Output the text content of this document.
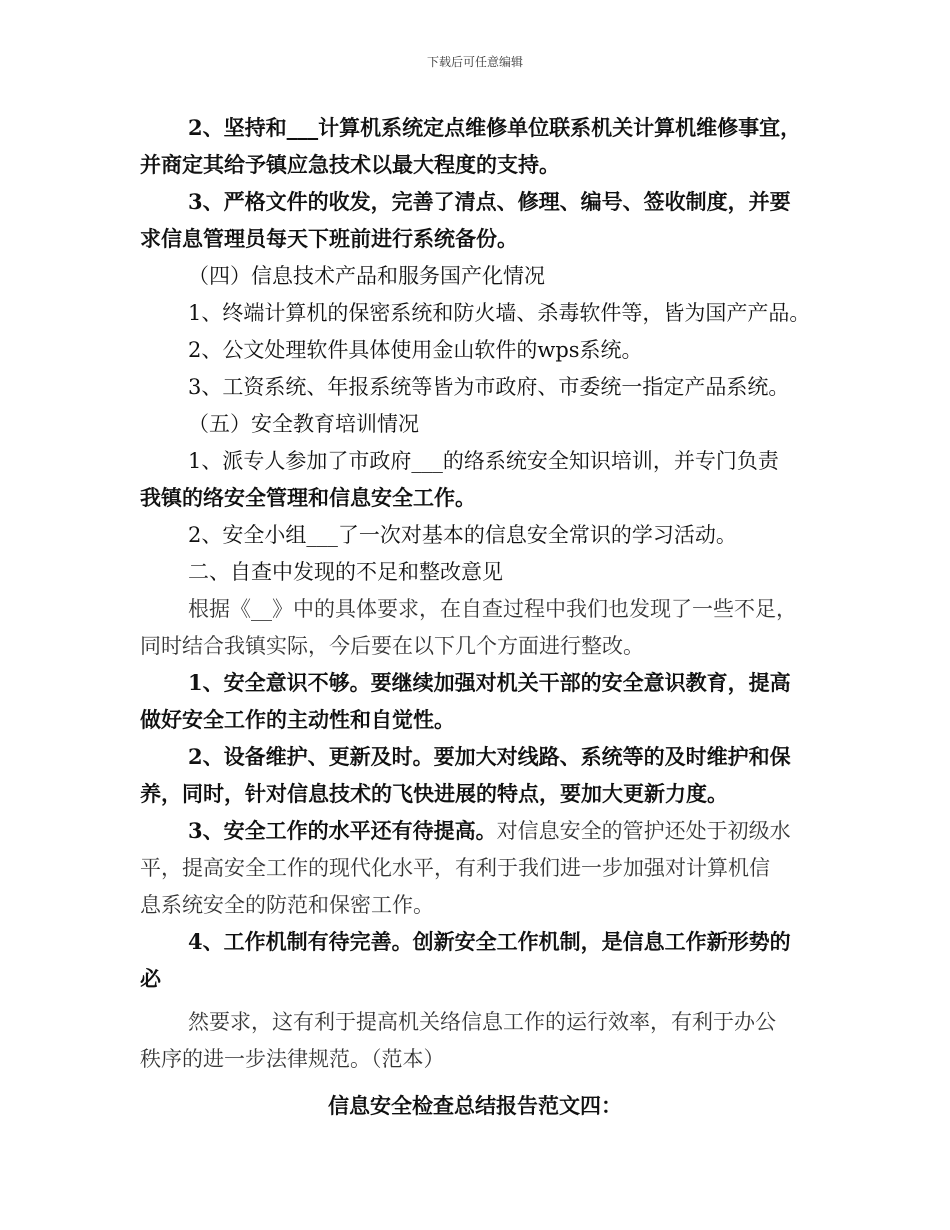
下载后可任意编辑
2、坚持和___计算机系统定点维修单位联系机关计算机维修事宜，
并商定其给予镇应急技术以最大程度的支持。
3、严格文件的收发，完善了清点、修理、编号、签收制度，并要
求信息管理员每天下班前进行系统备份。
（四）信息技术产品和服务国产化情况
1、终端计算机的保密系统和防火墙、杀毒软件等，皆为国产产品。
2、公文处理软件具体使用金山软件的wps系统。
3、工资系统、年报系统等皆为市政府、市委统一指定产品系统。
（五）安全教育培训情况
1、派专人参加了市政府___的络系统安全知识培训，并专门负责
我镇的络安全管理和信息安全工作。
2、安全小组___了一次对基本的信息安全常识的学习活动。
二、自查中发现的不足和整改意见
根据《__》中的具体要求，在自查过程中我们也发现了一些不足，
同时结合我镇实际，今后要在以下几个方面进行整改。
1、安全意识不够。要继续加强对机关干部的安全意识教育，提高
做好安全工作的主动性和自觉性。
2、设备维护、更新及时。要加大对线路、系统等的及时维护和保
养，同时，针对信息技术的飞快进展的特点，要加大更新力度。
3、安全工作的水平还有待提高。对信息安全的管护还处于初级水
平，提高安全工作的现代化水平，有利于我们进一步加强对计算机信
息系统安全的防范和保密工作。
4、工作机制有待完善。创新安全工作机制，是信息工作新形势的
必
然要求，这有利于提高机关络信息工作的运行效率，有利于办公
秩序的进一步法律规范。（范本）
信息安全检查总结报告范文四：
